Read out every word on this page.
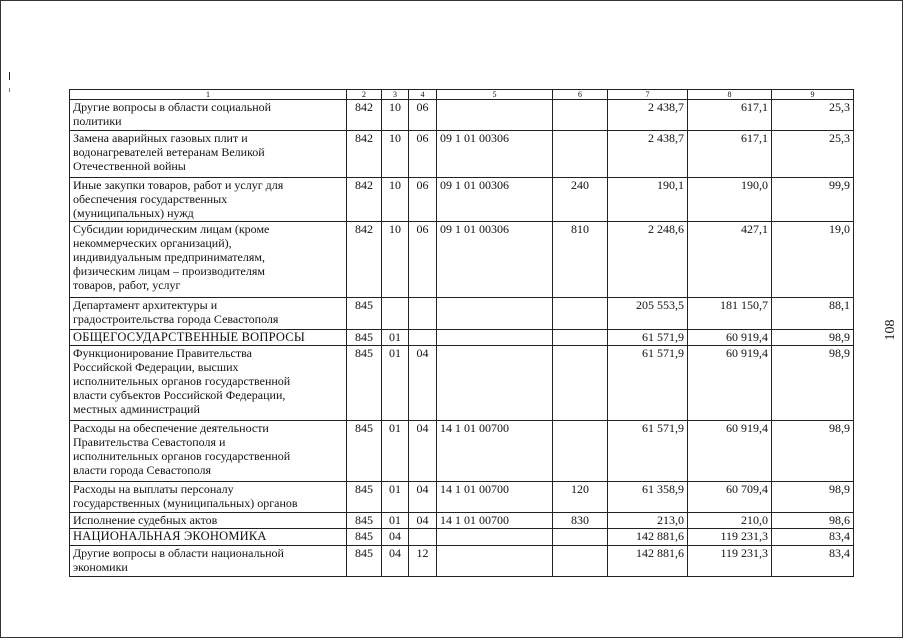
1	2	3	4	5	6	7	8	9

Другие вопросы в области социальной
политики	842	10	06			2 438,7	617,1	25,3

Замена аварийных газовых плит и
водонагревателей ветеранам Великой
Отечественной войны	842	10	06	09 1 01 00306		2 438,7	617,1	25,3

Иные закупки товаров, работ и услуг для
обеспечения государственных
(муниципальных) нужд	842	10	06	09 1 01 00306	240	190,1	190,0	99,9

Субсидии юридическим лицам (кроме
некоммерческих организаций),
индивидуальным предпринимателям,
физическим лицам – производителям
товаров, работ, услуг	842	10	06	09 1 01 00306	810	2 248,6	427,1	19,0

Департамент архитектуры и
градостроительства города Севастополя	845					205 553,5	181 150,7	88,1

ОБЩЕГОСУДАРСТВЕННЫЕ ВОПРОСЫ	845	01				61 571,9	60 919,4	98,9

Функционирование Правительства
Российской Федерации, высших
исполнительных органов государственной
власти субъектов Российской Федерации,
местных администраций	845	01	04			61 571,9	60 919,4	98,9

Расходы на обеспечение деятельности
Правительства Севастополя и
исполнительных органов государственной
власти города Севастополя	845	01	04	14 1 01 00700		61 571,9	60 919,4	98,9

Расходы на выплаты персоналу
государственных (муниципальных) органов	845	01	04	14 1 01 00700	120	61 358,9	60 709,4	98,9

Исполнение судебных актов	845	01	04	14 1 01 00700	830	213,0	210,0	98,6

НАЦИОНАЛЬНАЯ ЭКОНОМИКА	845	04				142 881,6	119 231,3	83,4

Другие вопросы в области национальной
экономики	845	04	12			142 881,6	119 231,3	83,4
108
